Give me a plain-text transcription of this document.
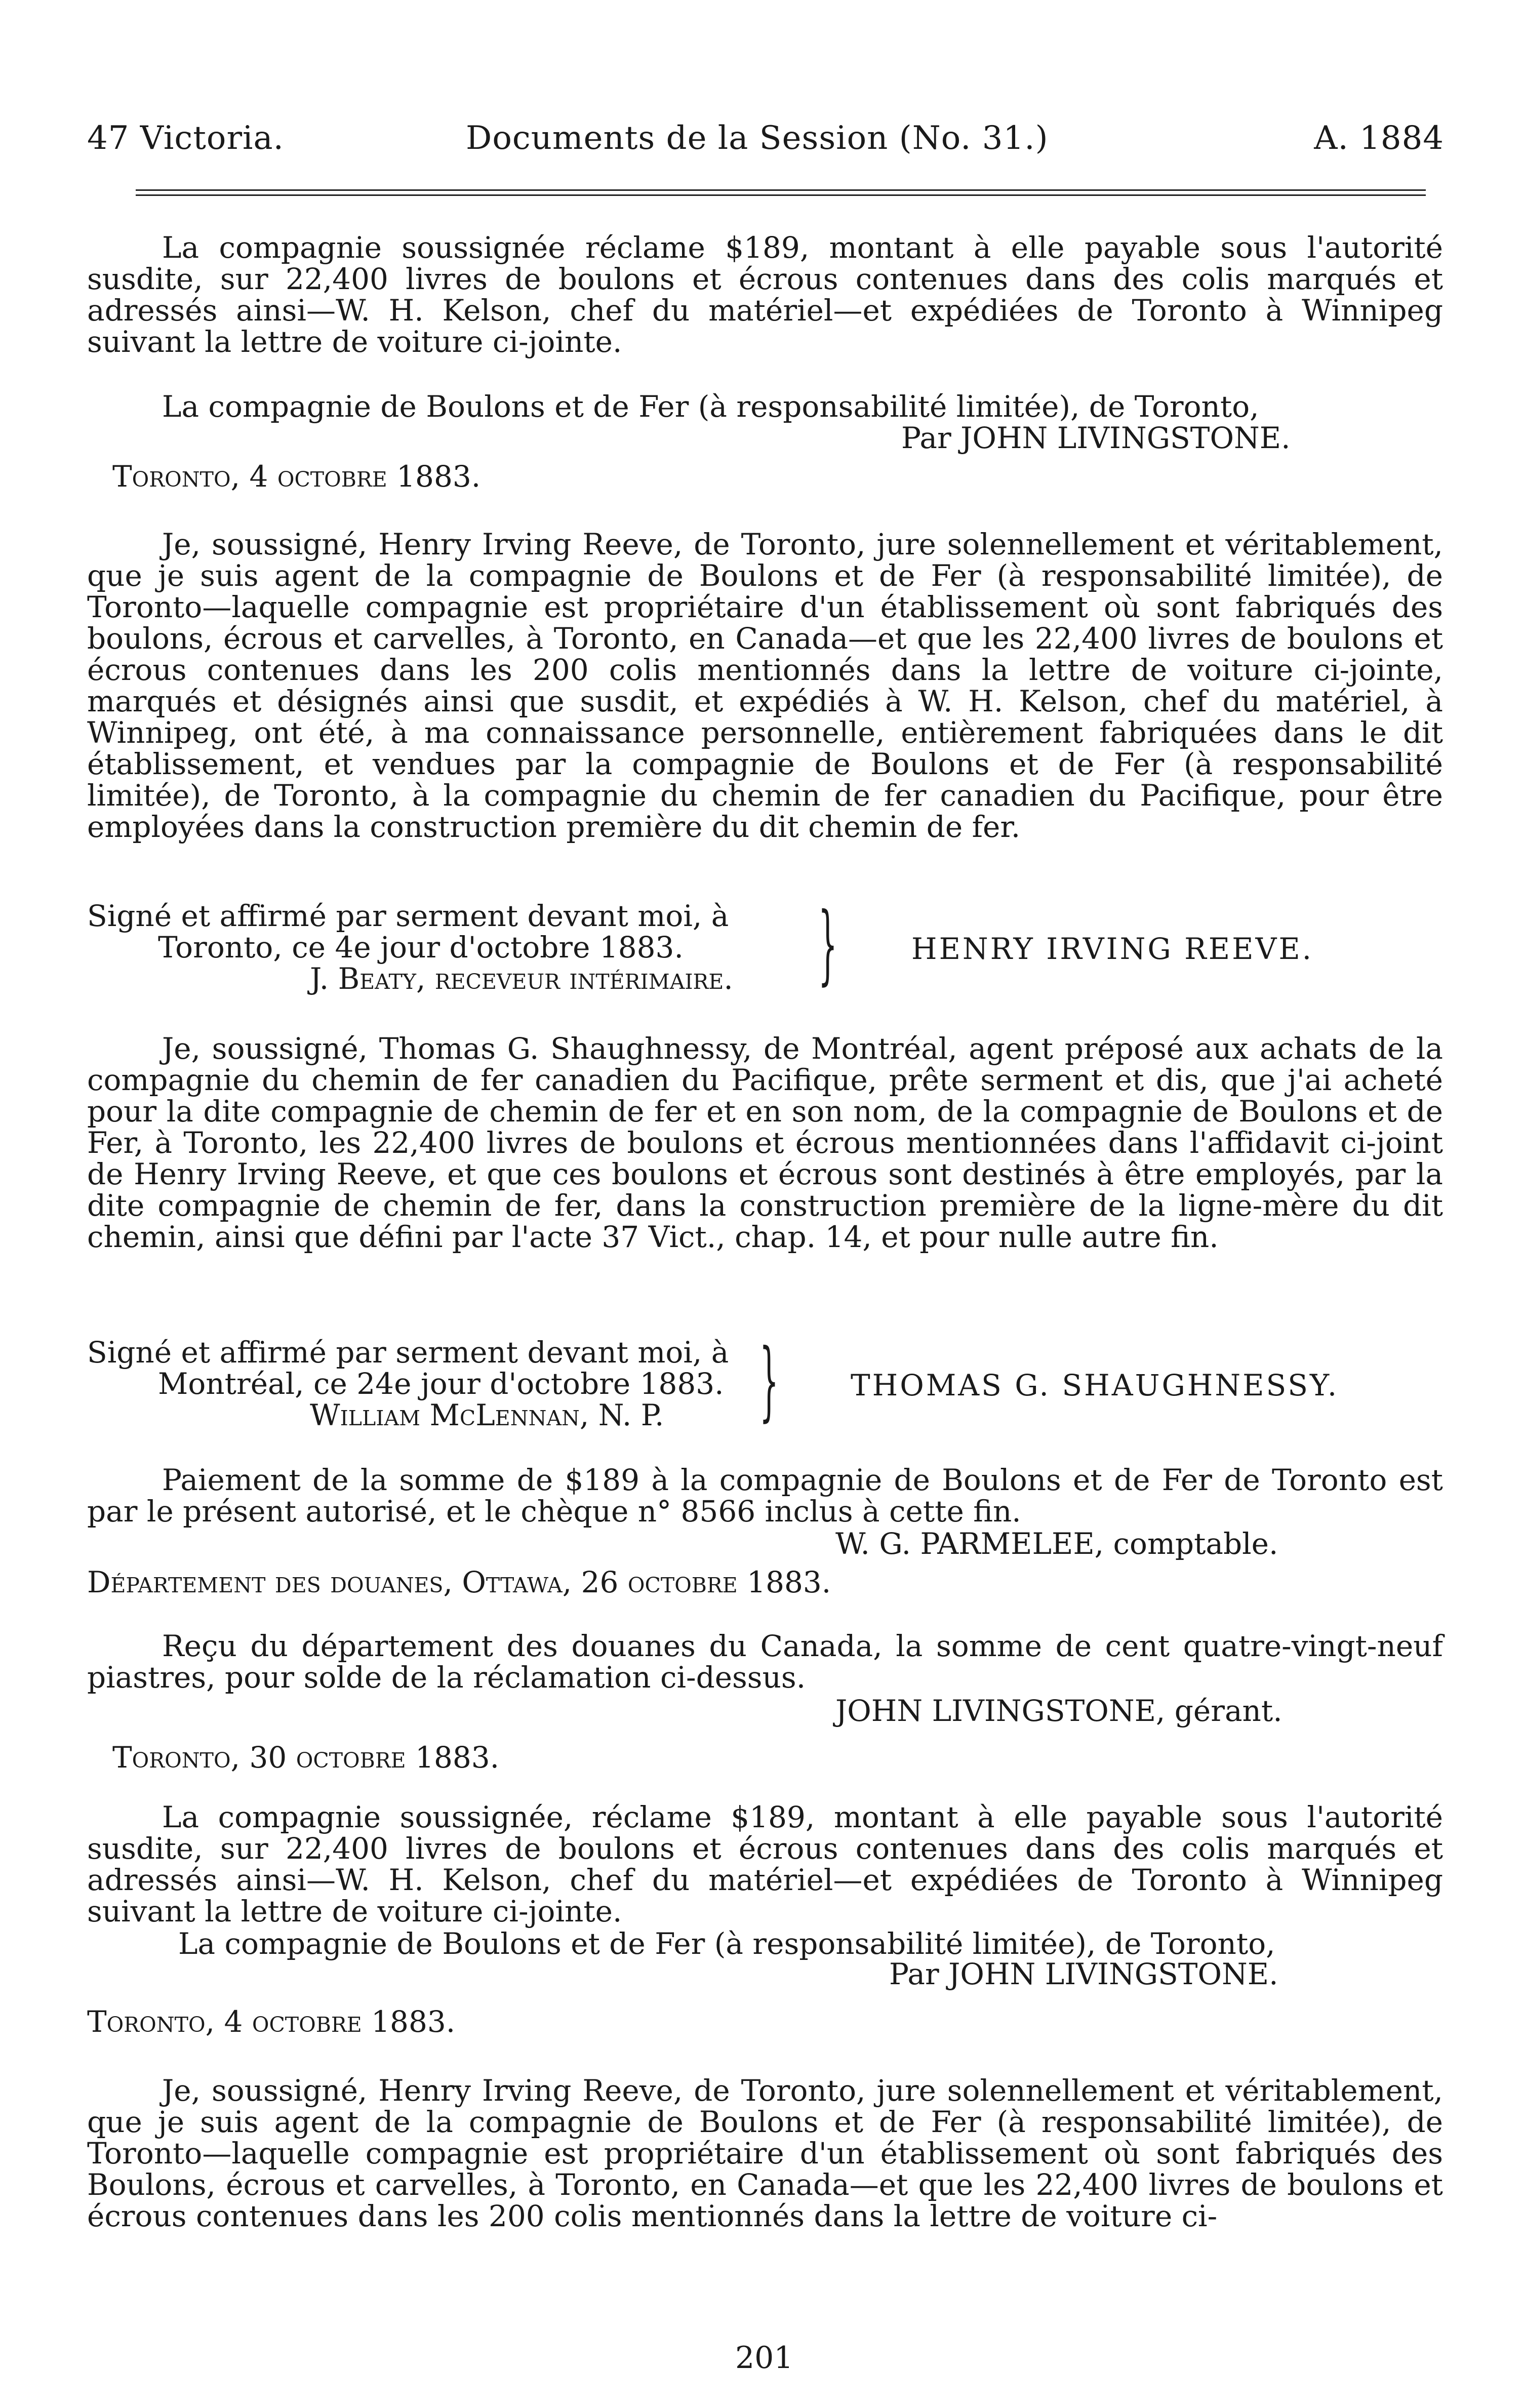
47 Victoria.	Documents de la Session (No. 31.)	A. 1884
La compagnie soussignée réclame $189, montant à elle payable sous l'autorité susdite, sur 22,400 livres de boulons et écrous contenues dans des colis marqués et adressés ainsi—W. H. Kelson, chef du matériel—et expédiées de Toronto à Winnipeg suivant la lettre de voiture ci-jointe.
La compagnie de Boulons et de Fer (à responsabilité limitée), de Toronto,
Par JOHN LIVINGSTONE.
Toronto, 4 octobre 1883.
Je, soussigné, Henry Irving Reeve, de Toronto, jure solennellement et véritablement, que je suis agent de la compagnie de Boulons et de Fer (à responsabilité limitée), de Toronto—laquelle compagnie est propriétaire d'un établissement où sont fabriqués des boulons, écrous et carvelles, à Toronto, en Canada—et que les 22,400 livres de boulons et écrous contenues dans les 200 colis mentionnés dans la lettre de voiture ci-jointe, marqués et désignés ainsi que susdit, et expédiés à W. H. Kelson, chef du matériel, à Winnipeg, ont été, à ma connaissance personnelle, entièrement fabriquées dans le dit établissement, et vendues par la compagnie de Boulons et de Fer (à responsabilité limitée), de Toronto, à la compagnie du chemin de fer canadien du Pacifique, pour être employées dans la construction première du dit chemin de fer.
Signé et affirmé par serment devant moi, à
Toronto, ce 4e jour d'octobre 1883.
J. Beaty, receveur intérimaire. }	HENRY IRVING REEVE.
Je, soussigné, Thomas G. Shaughnessy, de Montréal, agent préposé aux achats de la compagnie du chemin de fer canadien du Pacifique, prête serment et dis, que j'ai acheté pour la dite compagnie de chemin de fer et en son nom, de la compagnie de Boulons et de Fer, à Toronto, les 22,400 livres de boulons et écrous mentionnées dans l'affidavit ci-joint de Henry Irving Reeve, et que ces boulons et écrous sont destinés à être employés, par la dite compagnie de chemin de fer, dans la construction première de la ligne-mère du dit chemin, ainsi que défini par l'acte 37 Vict., chap. 14, et pour nulle autre fin.
Signé et affirmé par serment devant moi, à
Montréal, ce 24e jour d'octobre 1883.
William McLennan, N. P. } THOMAS G. SHAUGHNESSY.
Paiement de la somme de $189 à la compagnie de Boulons et de Fer de Toronto est par le présent autorisé, et le chèque n° 8566 inclus à cette fin.
W. G. PARMELEE, comptable.
Département des douanes, Ottawa, 26 octobre 1883.
Reçu du département des douanes du Canada, la somme de cent quatre-vingt-neuf piastres, pour solde de la réclamation ci-dessus.
JOHN LIVINGSTONE, gérant.
Toronto, 30 octobre 1883.
La compagnie soussignée, réclame $189, montant à elle payable sous l'autorité susdite, sur 22,400 livres de boulons et écrous contenues dans des colis marqués et adressés ainsi—W. H. Kelson, chef du matériel—et expédiées de Toronto à Winnipeg suivant la lettre de voiture ci-jointe.
La compagnie de Boulons et de Fer (à responsabilité limitée), de Toronto,
Par JOHN LIVINGSTONE.
Toronto, 4 octobre 1883.
Je, soussigné, Henry Irving Reeve, de Toronto, jure solennellement et véritablement, que je suis agent de la compagnie de Boulons et de Fer (à responsabilité limitée), de Toronto—laquelle compagnie est propriétaire d'un établissement où sont fabriqués des Boulons, écrous et carvelles, à Toronto, en Canada—et que les 22,400 livres de boulons et écrous contenues dans les 200 colis mentionnés dans la lettre de voiture ci-
201
